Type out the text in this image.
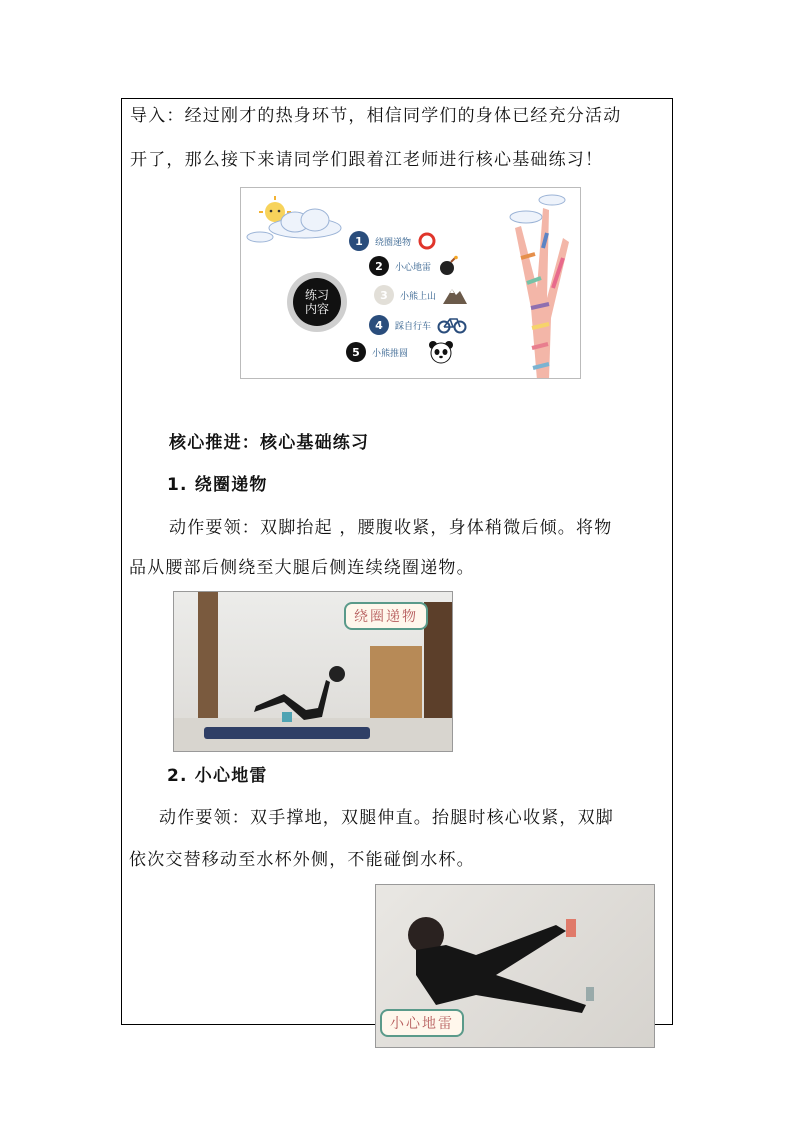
导入：经过刚才的热身环节，相信同学们的身体已经充分活动
开了，那么接下来请同学们跟着江老师进行核心基础练习！
练习
内容
1	绕圈递物
2	小心地雷
3	小熊上山
4	踩自行车
5	小熊推圆
核心推进：核心基础练习
1. 绕圈递物
动作要领：双脚抬起 ，腰腹收紧，身体稍微后倾。将物
品从腰部后侧绕至大腿后侧连续绕圈递物。
绕圈递物
2. 小心地雷
动作要领：双手撑地，双腿伸直。抬腿时核心收紧，双脚
依次交替移动至水杯外侧，不能碰倒水杯。
小心地雷
